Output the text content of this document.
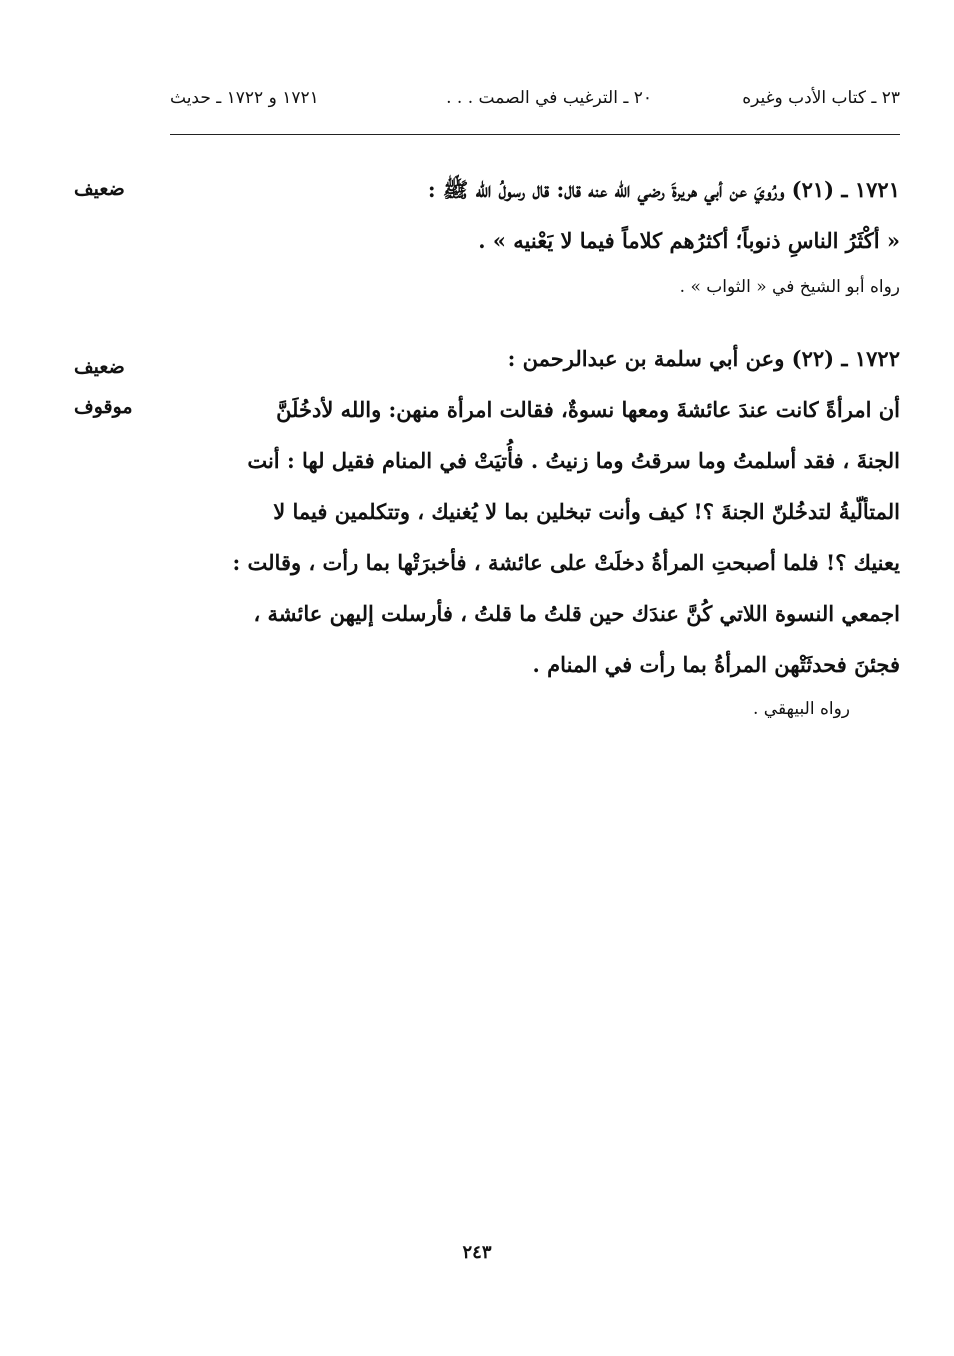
٢٣ ـ كتاب الأدب وغيره
٢٠ ـ الترغيب في الصمت . . .
١٧٢١ و ١٧٢٢ ـ حديث
ضعيف	١٧٢١ ـ (٢١) ورُويَ عن أبي هريرةَ رضي الله عنه قال: قال رسولُ الله ﷺ :
« أكْثَرُ الناسِ ذنوباً؛ أكثرُهم كلاماً فيما لا يَعْنيه » .
رواه أبو الشيخ في « الثواب » .
ضعيف
موقوف
١٧٢٢ ـ (٢٢) وعن أبي سلمة بن عبدالرحمن :
أن امرأةً كانت عندَ عائشةَ ومعها نسوةٌ، فقالت امرأة منهن: والله لأدخُلَنَّ
الجنةَ ، فقد أسلمتُ وما سرقتُ وما زنيتُ . فأُتيَتْ في المنام فقيل لها : أنت
المتألّيةُ لتدخُلنّ الجنةَ ؟! كيف وأنت تبخلين بما لا يُغنيك ، وتتكلمين فيما لا
يعنيك ؟! فلما أصبحتِ المرأةُ دخلَتْ على عائشة ، فأخبرَتْها بما رأت ، وقالت :
اجمعي النسوة اللاتي كُنَّ عندَك حين قلتُ ما قلتُ ، فأرسلت إليهن عائشة ،
فجئنَ فحدثَتْهن المرأةُ بما رأت في المنام .
رواه البيهقي .
٢٤٣
